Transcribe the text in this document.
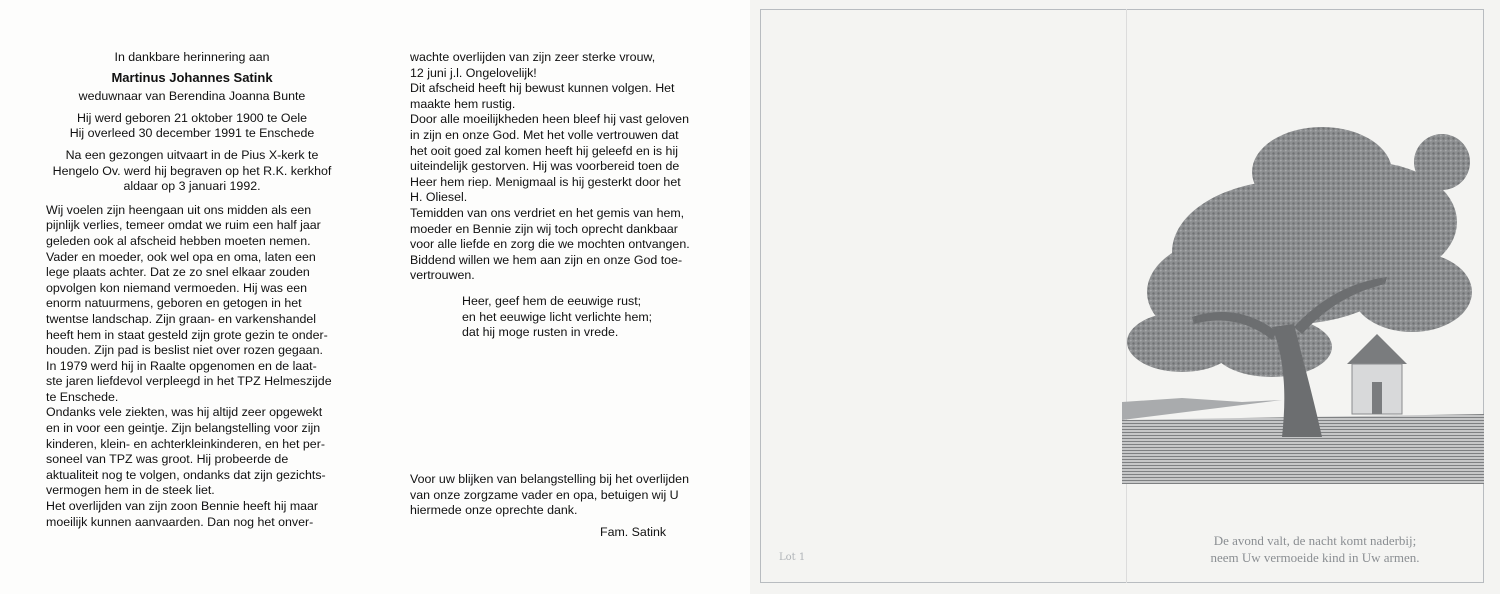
In dankbare herinnering aan
Martinus Johannes Satink
weduwnaar van Berendina Joanna Bunte
Hij werd geboren 21 oktober 1900 te Oele
Hij overleed 30 december 1991 te Enschede
Na een gezongen uitvaart in de Pius X-kerk te
Hengelo Ov. werd hij begraven op het R.K. kerkhof
aldaar op 3 januari 1992.

Wij voelen zijn heengaan uit ons midden als een

pijnlijk verlies, temeer omdat we ruim een half jaar

geleden ook al afscheid hebben moeten nemen.

Vader en moeder, ook wel opa en oma, laten een

lege plaats achter. Dat ze zo snel elkaar zouden

opvolgen kon niemand vermoeden. Hij was een

enorm natuurmens, geboren en getogen in het

twentse landschap. Zijn graan- en varkenshandel

heeft hem in staat gesteld zijn grote gezin te onder-

houden. Zijn pad is beslist niet over rozen gegaan.

In 1979 werd hij in Raalte opgenomen en de laat-

ste jaren liefdevol verpleegd in het TPZ Helmeszijde

te Enschede.

Ondanks vele ziekten, was hij altijd zeer opgewekt

en in voor een geintje. Zijn belangstelling voor zijn

kinderen, klein- en achterkleinkinderen, en het per-

soneel van TPZ was groot. Hij probeerde de

aktualiteit nog te volgen, ondanks dat zijn gezichts-

vermogen hem in de steek liet.

Het overlijden van zijn zoon Bennie heeft hij maar

moeilijk kunnen aanvaarden. Dan nog het onver-

wachte overlijden van zijn zeer sterke vrouw,

12 juni j.l. Ongelovelijk!

Dit afscheid heeft hij bewust kunnen volgen. Het

maakte hem rustig.

Door alle moeilijkheden heen bleef hij vast geloven

in zijn en onze God. Met het volle vertrouwen dat

het ooit goed zal komen heeft hij geleefd en is hij

uiteindelijk gestorven. Hij was voorbereid toen de

Heer hem riep. Menigmaal is hij gesterkt door het

H. Oliesel.

Temidden van ons verdriet en het gemis van hem,

moeder en Bennie zijn wij toch oprecht dankbaar

voor alle liefde en zorg die we mochten ontvangen.

Biddend willen we hem aan zijn en onze God toe-

vertrouwen.

Heer, geef hem de eeuwige rust;
en het eeuwige licht verlichte hem;
dat hij moge rusten in vrede.
Voor uw blijken van belangstelling bij het overlijden
van onze zorgzame vader en opa, betuigen wij U
hiermede onze oprechte dank.
Fam. Satink
Lot 1
De avond valt, de nacht komt naderbij;
neem Uw vermoeide kind in Uw armen.
